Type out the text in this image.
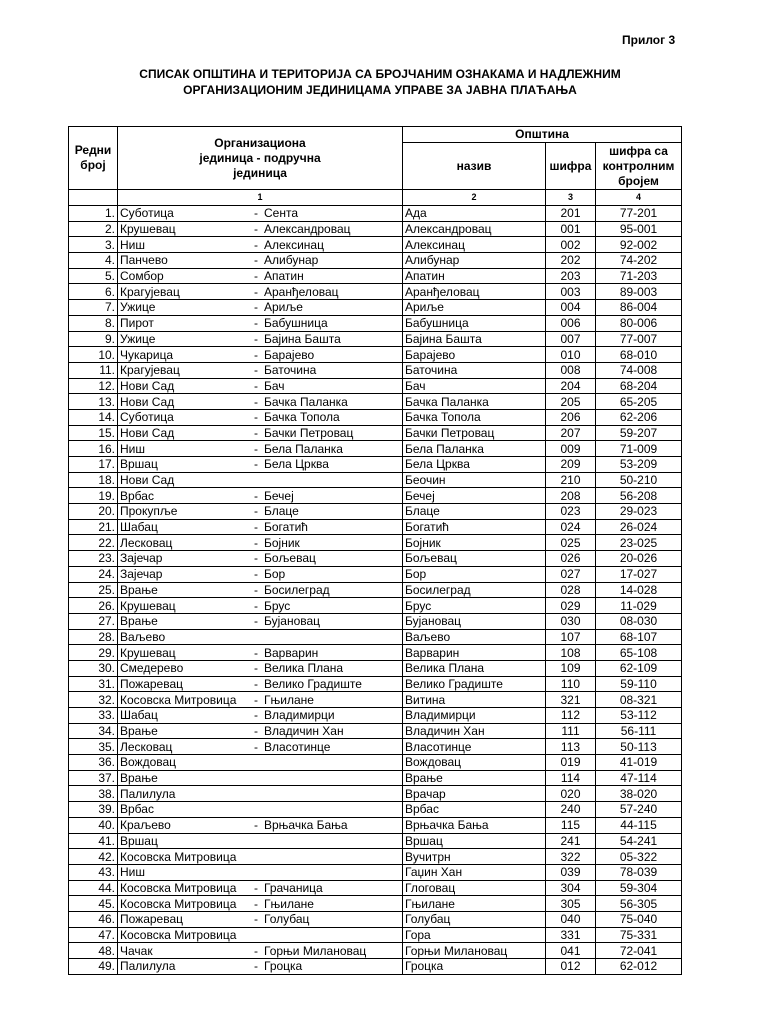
Прилог 3
СПИСАК ОПШТИНА И ТЕРИТОРИЈА СА БРОЈЧАНИМ ОЗНАКАМА И НАДЛЕЖНИМ
ОРГАНИЗАЦИОНИМ ЈЕДИНИЦАМА УПРАВЕ ЗА ЈАВНА ПЛАЋАЊА
Редни
број	Организациона
јединица - подручна
јединица	Општина		
		назив	шифра	шифра са
контролним
бројем
	1	2	3	4
1.	Суботица - Сента	Ада	201	77-201
2.	Крушевац - Александровац	Александровац	001	95-001
3.	Ниш - Алексинац	Алексинац	002	92-002
4.	Панчево - Алибунар	Алибунар	202	74-202
5.	Сомбор - Апатин	Апатин	203	71-203
6.	Крагујевац - Аранђеловац	Аранђеловац	003	89-003
7.	Ужице - Ариље	Ариље	004	86-004
8.	Пирот - Бабушница	Бабушница	006	80-006
9.	Ужице - Бајина Башта	Бајина Башта	007	77-007
10.	Чукарица - Барајево	Барајево	010	68-010
11.	Крагујевац - Баточина	Баточина	008	74-008
12.	Нови Сад - Бач	Бач	204	68-204
13.	Нови Сад - Бачка Паланка	Бачка Паланка	205	65-205
14.	Суботица - Бачка Топола	Бачка Топола	206	62-206
15.	Нови Сад - Бачки Петровац	Бачки Петровац	207	59-207
16.	Ниш - Бела Паланка	Бела Паланка	009	71-009
17.	Вршац - Бела Црква	Бела Црква	209	53-209
18.	Нови Сад	Беочин	210	50-210
19.	Врбас - Бечеј	Бечеј	208	56-208
20.	Прокупље - Блаце	Блаце	023	29-023
21.	Шабац - Богатић	Богатић	024	26-024
22.	Лесковац - Бојник	Бојник	025	23-025
23.	Зајечар - Бољевац	Бољевац	026	20-026
24.	Зајечар - Бор	Бор	027	17-027
25.	Врање - Босилеград	Босилеград	028	14-028
26.	Крушевац - Брус	Брус	029	11-029
27.	Врање - Бујановац	Бујановац	030	08-030
28.	Ваљево	Ваљево	107	68-107
29.	Крушевац - Варварин	Варварин	108	65-108
30.	Смедерево - Велика Плана	Велика Плана	109	62-109
31.	Пожаревац - Велико Градиште	Велико Градиште	110	59-110
32.	Косовска Митровица - Гњилане	Витина	321	08-321
33.	Шабац - Владимирци	Владимирци	112	53-112
34.	Врање - Владичин Хан	Владичин Хан	111	56-111
35.	Лесковац - Власотинце	Власотинце	113	50-113
36.	Вождовац	Вождовац	019	41-019
37.	Врање	Врање	114	47-114
38.	Палилула	Врачар	020	38-020
39.	Врбас	Врбас	240	57-240
40.	Краљево - Врњачка Бања	Врњачка Бања	115	44-115
41.	Вршац	Вршац	241	54-241
42.	Косовска Митровица	Вучитрн	322	05-322
43.	Ниш	Гаџин Хан	039	78-039
44.	Косовска Митровица - Грачаница	Глоговац	304	59-304
45.	Косовска Митровица - Гњилане	Гњилане	305	56-305
46.	Пожаревац - Голубац	Голубац	040	75-040
47.	Косовска Митровица	Гора	331	75-331
48.	Чачак - Горњи Милановац	Горњи Милановац	041	72-041
49.	Палилула - Гроцка	Гроцка	012	62-012
